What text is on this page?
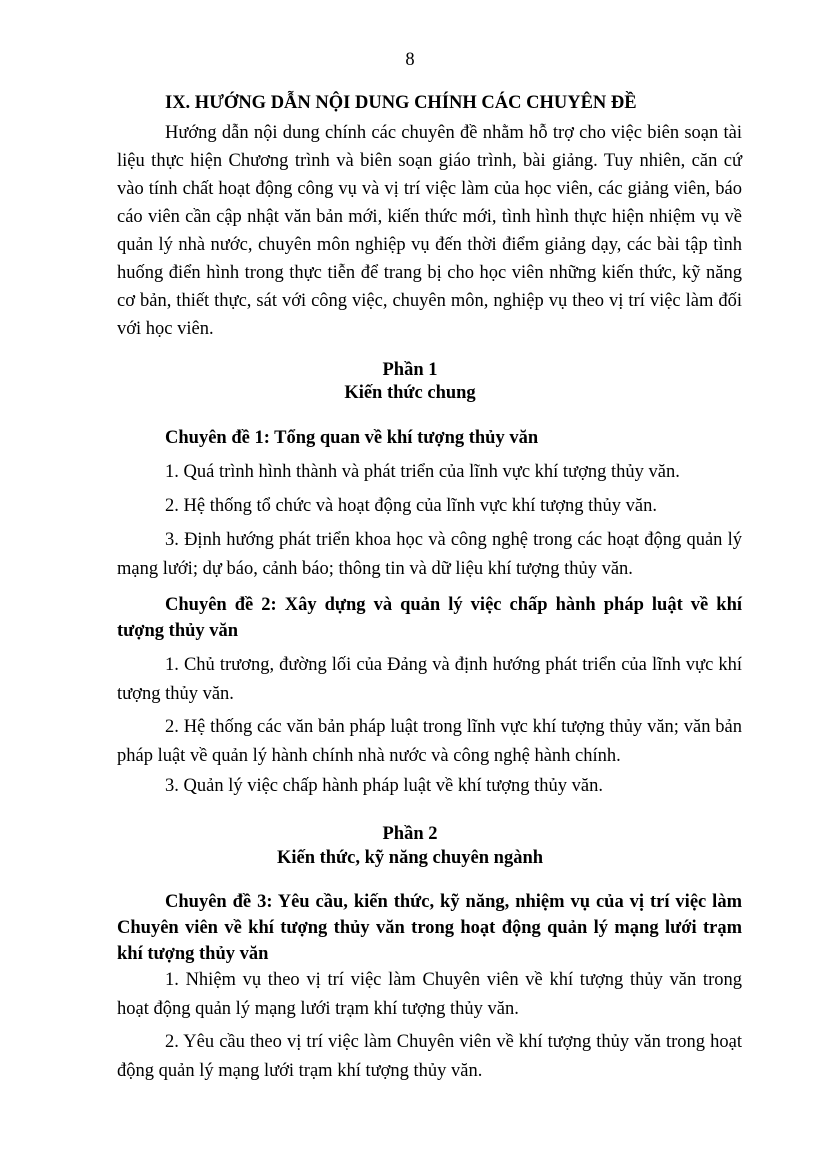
8
IX. HƯỚNG DẪN NỘI DUNG CHÍNH CÁC CHUYÊN ĐỀ
Hướng dẫn nội dung chính các chuyên đề nhằm hỗ trợ cho việc biên soạn tài liệu thực hiện Chương trình và biên soạn giáo trình, bài giảng. Tuy nhiên, căn cứ vào tính chất hoạt động công vụ và vị trí việc làm của học viên, các giảng viên, báo cáo viên cần cập nhật văn bản mới, kiến thức mới, tình hình thực hiện nhiệm vụ về quản lý nhà nước, chuyên môn nghiệp vụ đến thời điểm giảng dạy, các bài tập tình huống điển hình trong thực tiễn để trang bị cho học viên những kiến thức, kỹ năng cơ bản, thiết thực, sát với công việc, chuyên môn, nghiệp vụ theo vị trí việc làm đối với học viên.
Phần 1
Kiến thức chung
Chuyên đề 1: Tổng quan về khí tượng thủy văn
1. Quá trình hình thành và phát triển của lĩnh vực khí tượng thủy văn.
2. Hệ thống tổ chức và hoạt động của lĩnh vực khí tượng thủy văn.
3. Định hướng phát triển khoa học và công nghệ trong các hoạt động quản lý mạng lưới; dự báo, cảnh báo; thông tin và dữ liệu khí tượng thủy văn.
Chuyên đề 2: Xây dựng và quản lý việc chấp hành pháp luật về khí tượng thủy văn
1. Chủ trương, đường lối của Đảng và định hướng phát triển của lĩnh vực khí tượng thủy văn.
2. Hệ thống các văn bản pháp luật trong lĩnh vực khí tượng thủy văn; văn bản pháp luật về quản lý hành chính nhà nước và công nghệ hành chính.
3. Quản lý việc chấp hành pháp luật về khí tượng thủy văn.
Phần 2
Kiến thức, kỹ năng chuyên ngành
Chuyên đề 3: Yêu cầu, kiến thức, kỹ năng, nhiệm vụ của vị trí việc làm Chuyên viên về khí tượng thủy văn trong hoạt động quản lý mạng lưới trạm khí tượng thủy văn
1. Nhiệm vụ theo vị trí việc làm Chuyên viên về khí tượng thủy văn trong hoạt động quản lý mạng lưới trạm khí tượng thủy văn.
2. Yêu cầu theo vị trí việc làm Chuyên viên về khí tượng thủy văn trong hoạt động quản lý mạng lưới trạm khí tượng thủy văn.
